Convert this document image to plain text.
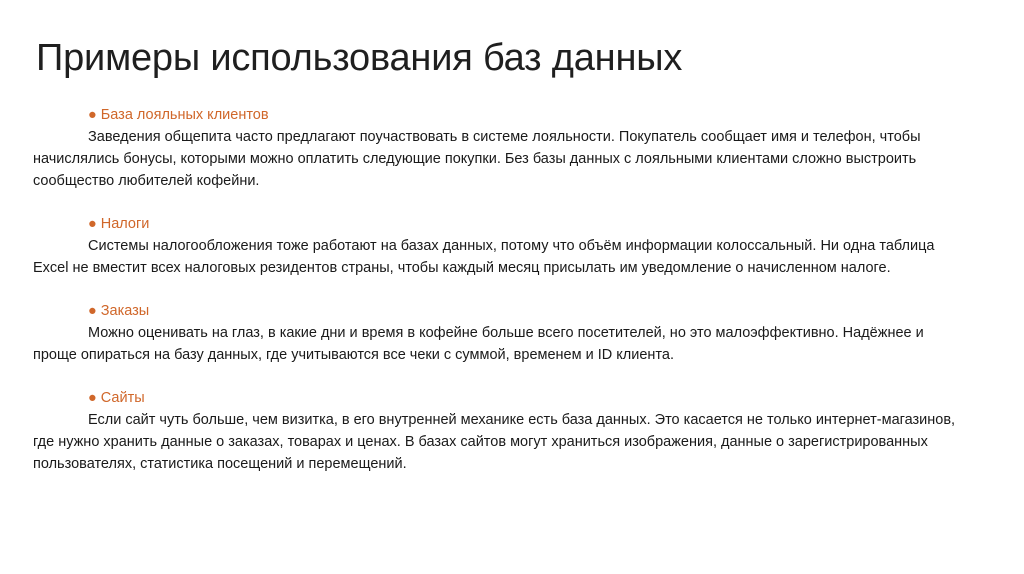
Примеры использования баз данных
● База лояльных клиентов

Заведения общепита часто предлагают поучаствовать в системе лояльности. Покупатель сообщает имя и телефон, чтобы начислялись бонусы, которыми можно оплатить следующие покупки. Без базы данных с лояльными клиентами сложно выстроить сообщество любителей кофейни.

● Налоги

Системы налогообложения тоже работают на базах данных, потому что объём информации колоссальный. Ни одна таблица Excel не вместит всех налоговых резидентов страны, чтобы каждый месяц присылать им уведомление о начисленном налоге.

● Заказы

Можно оценивать на глаз, в какие дни и время в кофейне больше всего посетителей, но это малоэффективно. Надёжнее и проще опираться на базу данных, где учитываются все чеки с суммой, временем и ID клиента.

● Сайты

Если сайт чуть больше, чем визитка, в его внутренней механике есть база данных. Это касается не только интернет-магазинов, где нужно хранить данные о заказах, товарах и ценах. В базах сайтов могут храниться изображения, данные о зарегистрированных пользователях, статистика посещений и перемещений.
